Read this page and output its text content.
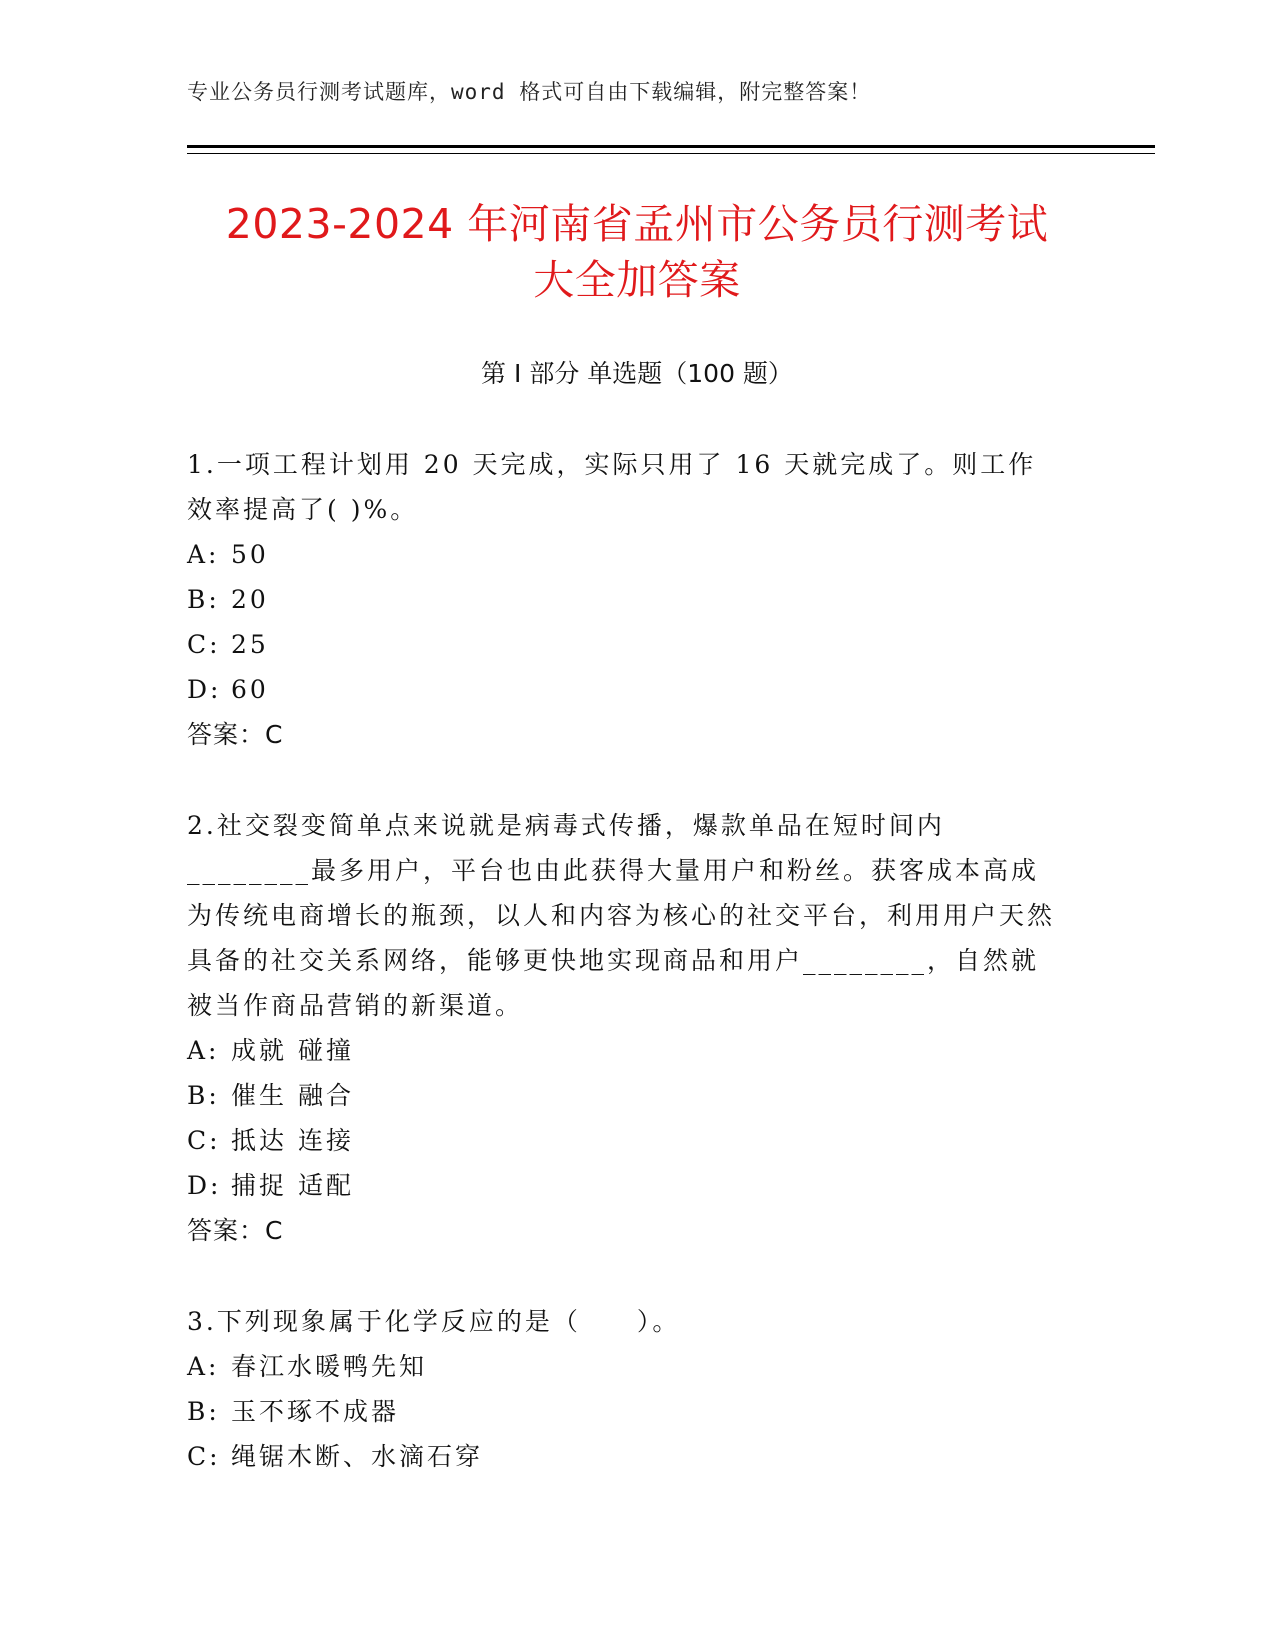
专业公务员行测考试题库，word 格式可自由下载编辑，附完整答案！
2023-2024 年河南省孟州市公务员行测考试
大全加答案
第 I 部分 单选题（100 题）

1.一项工程计划用 20 天完成，实际只用了 16 天就完成了。则工作效率提高了( )%。

A: 50
B: 20
C: 25
D: 60
答案：C

2.社交裂变简单点来说就是病毒式传播，爆款单品在短时间内________最多用户，平台也由此获得大量用户和粉丝。获客成本高成为传统电商增长的瓶颈，以人和内容为核心的社交平台，利用用户天然具备的社交关系网络，能够更快地实现商品和用户________，自然就被当作商品营销的新渠道。

A: 成就 碰撞
B: 催生 融合
C: 抵达 连接
D: 捕捉 适配
答案：C

3.下列现象属于化学反应的是（　　）。

A: 春江水暖鸭先知
B: 玉不琢不成器
C: 绳锯木断、水滴石穿
